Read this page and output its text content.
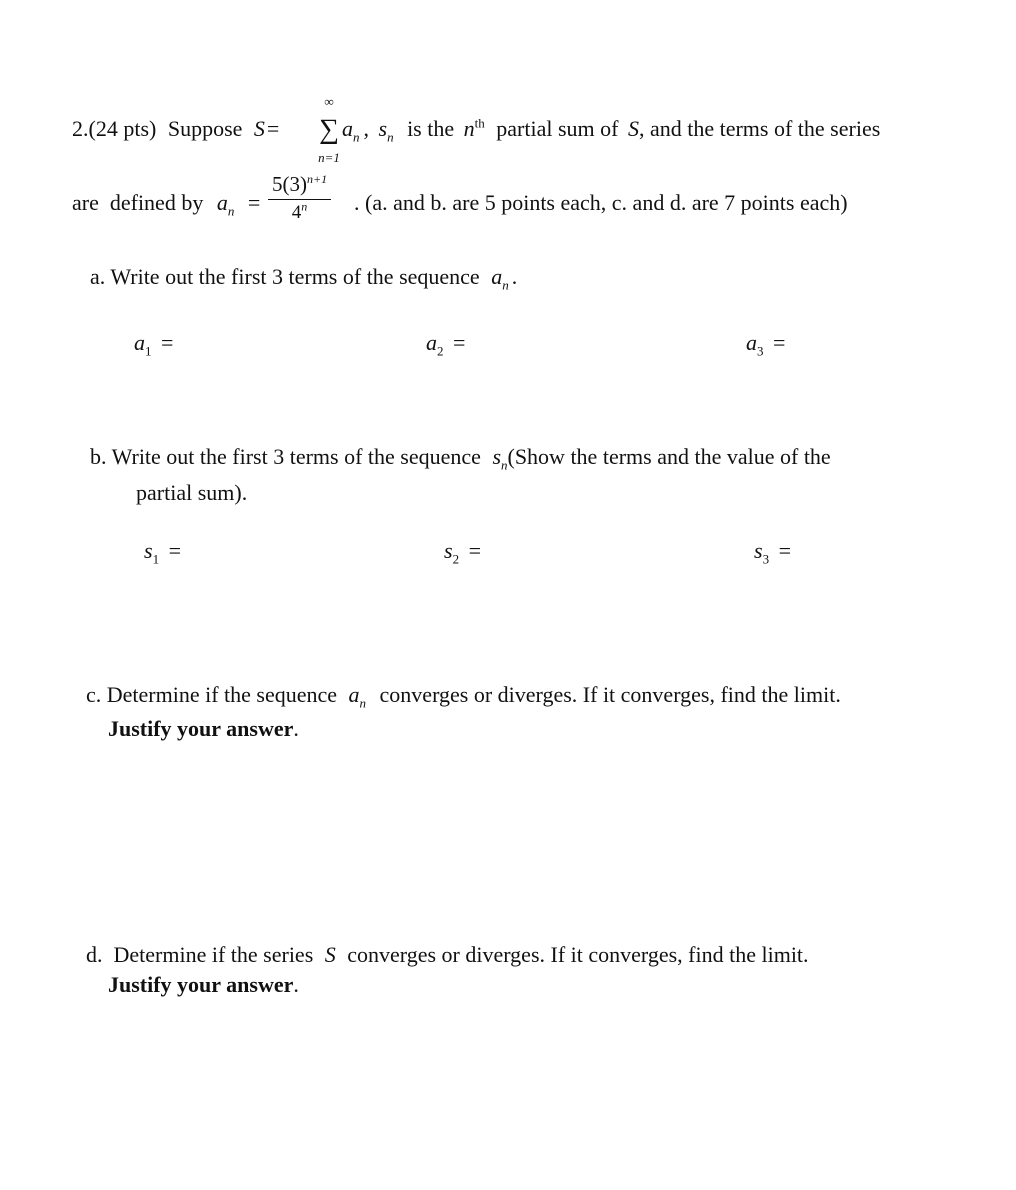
2.(24 pts) Suppose S=
∞
∑
n=1
$a_n$ , $s_n$ is the $n^{th}$ partial sum of S, and the terms of the series
are  defined by $a_n$ =
$5(3)^{n+1}$
4$^n$	. (a. and b. are 5 points each, c. and d. are 7 points each)
a. Write out the first 3 terms of the sequence $a_n$ .
$a_1$ =	$a_2$ =	$a_3$ =
b. Write out the first 3 terms of the sequence $s_n(Show$ the terms and the value of the
partial sum).
$s_1$ =	$s_2$ =	$s_3$ =
c. Determine if the sequence $a_n$ converges or diverges. If it converges, find the limit.
Justify your answer.
d.  Determine if the series S converges or diverges. If it converges, find the limit.
Justify your answer.
